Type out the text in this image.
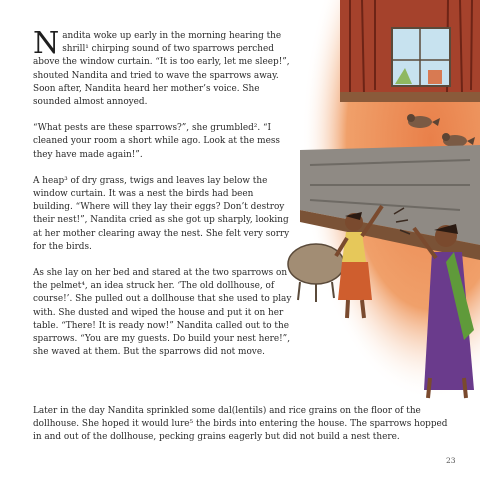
Nandita woke up early in the morning hearing the shrill¹ chirping sound of two sparrows perched above the window curtain. “It is too early, let me sleep!”, shouted Nandita and tried to wave the sparrows away. Soon after, Nandita heard her mother’s voice. She sounded almost annoyed.

“What pests are these sparrows?”, she grumbled². “I cleaned your room a short while ago. Look at the mess they have made again!”.

A heap³ of dry grass, twigs and leaves lay below the window curtain. It was a nest the birds had been building. “Where will they lay their eggs? Don’t destroy their nest!”, Nandita cried as she got up sharply, looking at her mother clearing away the nest. She felt very sorry for the birds.

As she lay on her bed and stared at the two sparrows on the pelmet⁴, an idea struck her. ‘The old dollhouse, of course!’. She pulled out a dollhouse that she used to play with. She dusted and wiped the house and put it on her table. “There! It is ready now!” Nandita called out to the sparrows. “You are my guests. Do build your nest here!”, she waved at them. But the sparrows did not move.

Later in the day Nandita sprinkled some dal(lentils) and rice grains on the floor of the dollhouse. She hoped it would lure⁵ the birds into entering the house. The sparrows hopped in and out of the dollhouse, pecking grains eagerly but did not build a nest there.

23
